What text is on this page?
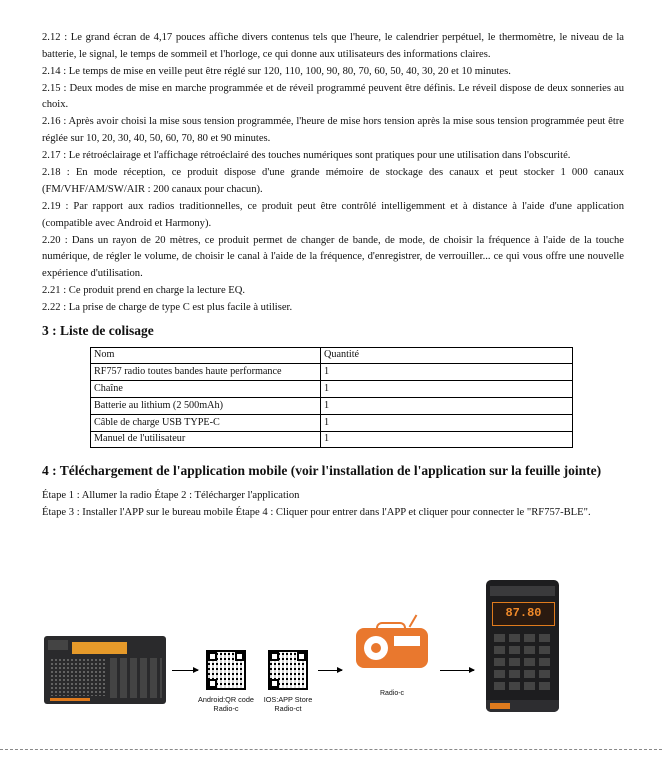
2.12 : Le grand écran de 4,17 pouces affiche divers contenus tels que l'heure, le calendrier perpétuel, le thermomètre, le niveau de la batterie, le signal, le temps de sommeil et l'horloge, ce qui donne aux utilisateurs des informations claires.

2.14 : Le temps de mise en veille peut être réglé sur 120, 110, 100, 90, 80, 70, 60, 50, 40, 30, 20 et 10 minutes.

2.15 : Deux modes de mise en marche programmée et de réveil programmé peuvent être définis. Le réveil dispose de deux sonneries au choix.

2.16 : Après avoir choisi la mise sous tension programmée, l'heure de mise hors tension après la mise sous tension programmée peut être réglée sur 10, 20, 30, 40, 50, 60, 70, 80 et 90 minutes.

2.17 : Le rétroéclairage et l'affichage rétroéclairé des touches numériques sont pratiques pour une utilisation dans l'obscurité.

2.18 : En mode réception, ce produit dispose d'une grande mémoire de stockage des canaux et peut stocker 1 000 canaux (FM/VHF/AM/SW/AIR : 200 canaux pour chacun).

2.19 : Par rapport aux radios traditionnelles, ce produit peut être contrôlé intelligemment et à distance à l'aide d'une application (compatible avec Android et Harmony).

2.20 : Dans un rayon de 20 mètres, ce produit permet de changer de bande, de mode, de choisir la fréquence à l'aide de la touche numérique, de régler le volume, de choisir le canal à l'aide de la fréquence, d'enregistrer, de verrouiller... ce qui vous offre une nouvelle expérience d'utilisation.

2.21 : Ce produit prend en charge la lecture EQ.

2.22 : La prise de charge de type C est plus facile à utiliser.

3 : Liste de colisage
Nom	Quantité
RF757 radio toutes bandes haute performance	1
Chaîne	1
Batterie au lithium (2 500mAh)	1
Câble de charge USB TYPE-C	1
Manuel de l'utilisateur	1
4 : Téléchargement de l'application mobile (voir l'installation de l'application sur la feuille jointe)

Étape 1 : Allumer la radio Étape 2 : Télécharger l'application

Étape 3 : Installer l'APP sur le bureau mobile Étape 4 : Cliquer pour entrer dans l'APP et cliquer pour connecter le "RF757-BLE".

Android:QR code
Radio-c
IOS:APP Store
Radio-ct
Radio-c
87.80
